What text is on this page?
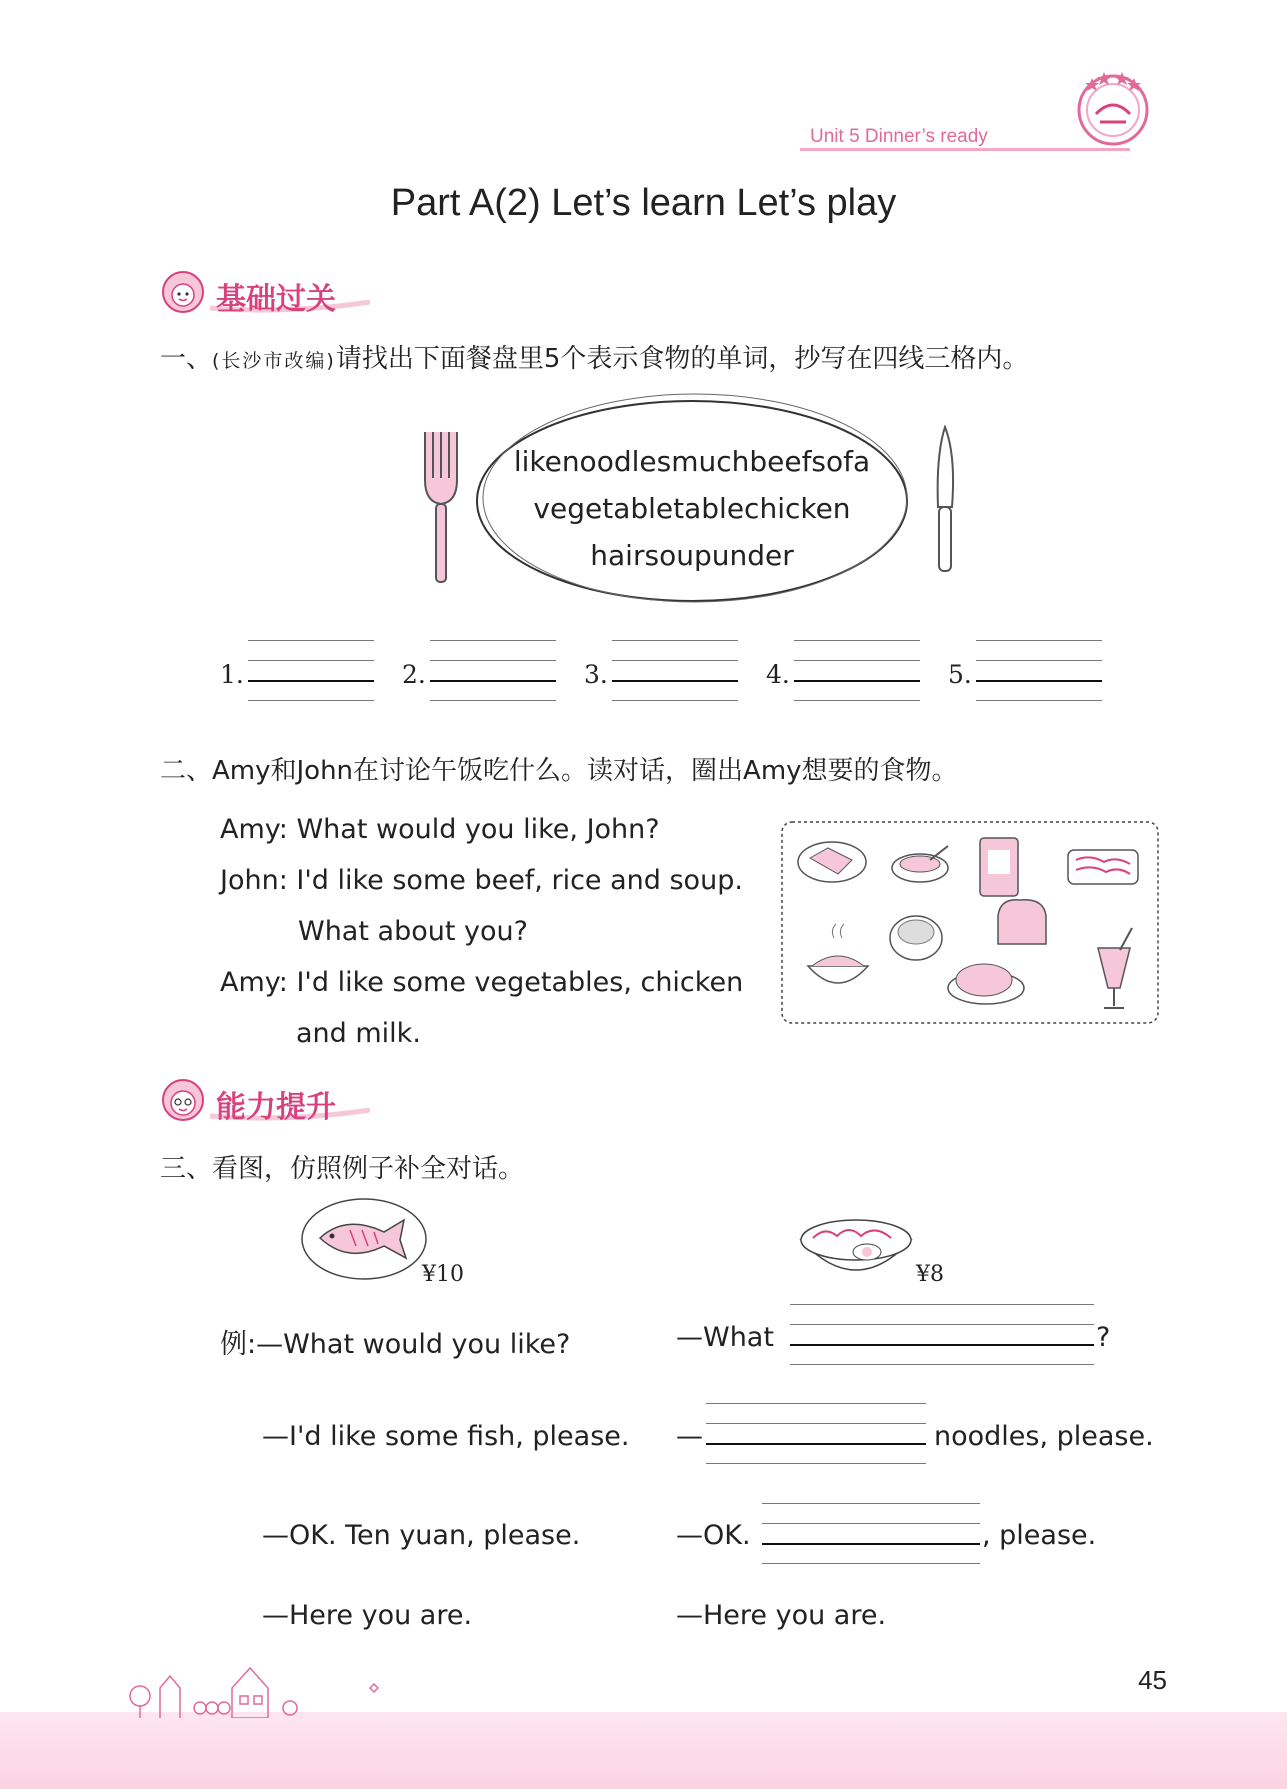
Unit 5 Dinner’s ready
Part A(2) Let’s learn Let’s play
基础过关
一、(长沙市改编)请找出下面餐盘里5个表示食物的单词，抄写在四线三格内。
likenoodlesmuchbeefsofa
vegetabletablechicken
hairsoupunder
1.	2.	3.	4.	5.
二、Amy和John在讨论午饭吃什么。读对话，圈出Amy想要的食物。
Amy: What would you like, John?
John: I'd like some beef, rice and soup.
What about you?
Amy: I'd like some vegetables, chicken
and milk.
能力提升
三、看图，仿照例子补全对话。
¥10	¥8
例:—What would you like?
—I'd like some fish, please.
—OK. Ten yuan, please.
—Here you are.
—What	?
—	noodles, please.
—OK.	, please.
—Here you are.
45
